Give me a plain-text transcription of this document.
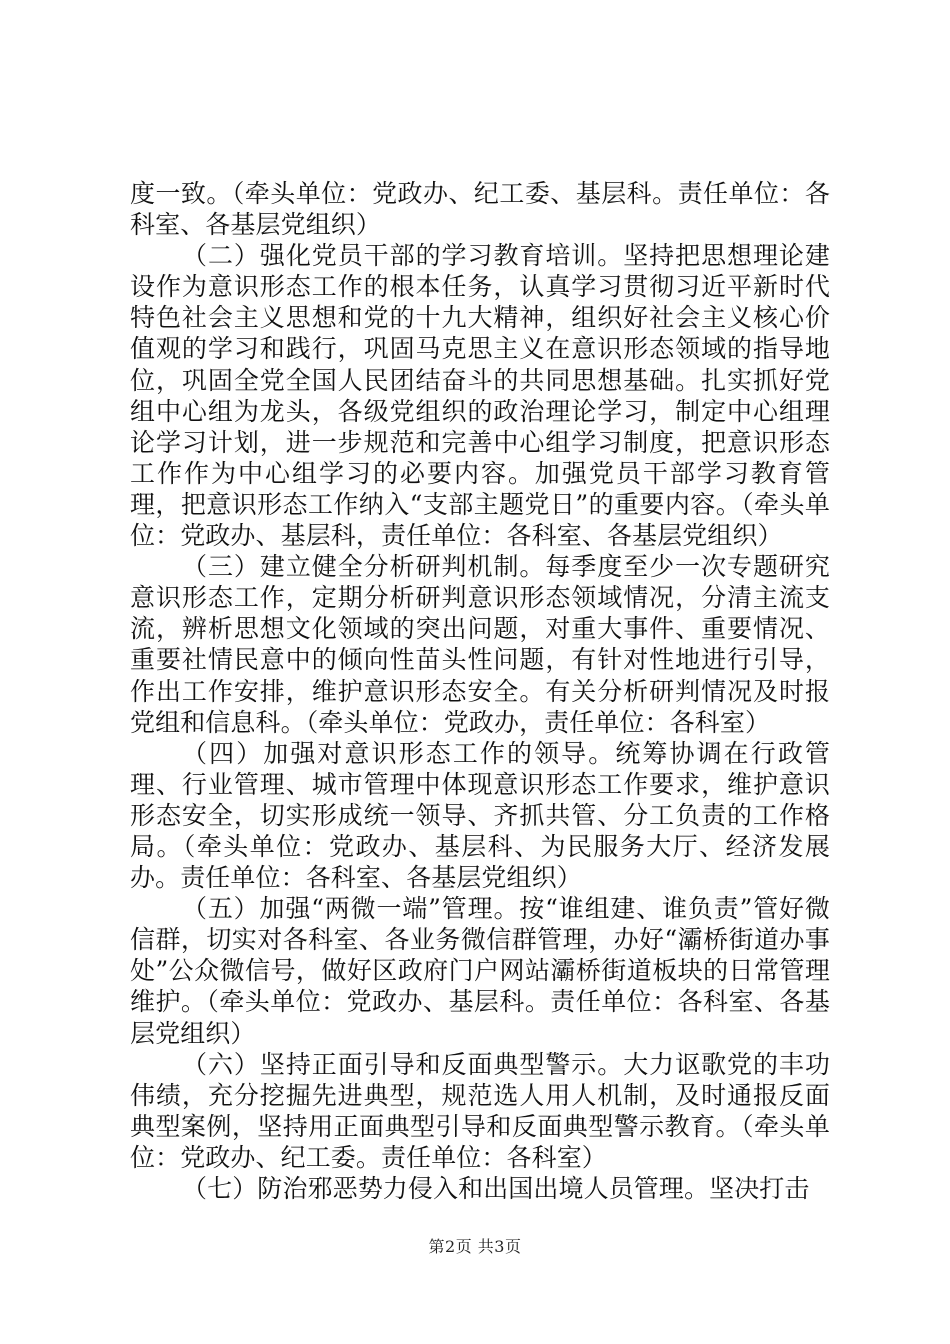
度一致。（牵头单位：党政办、纪工委、基层科。责任单位：各科室、各基层党组织）

（二）强化党员干部的学习教育培训。坚持把思想理论建设作为意识形态工作的根本任务，认真学习贯彻习近平新时代特色社会主义思想和党的十九大精神，组织好社会主义核心价值观的学习和践行，巩固马克思主义在意识形态领域的指导地位，巩固全党全国人民团结奋斗的共同思想基础。扎实抓好党组中心组为龙头，各级党组织的政治理论学习，制定中心组理论学习计划，进一步规范和完善中心组学习制度，把意识形态工作作为中心组学习的必要内容。加强党员干部学习教育管理，把意识形态工作纳入“支部主题党日”的重要内容。（牵头单位：党政办、基层科，责任单位：各科室、各基层党组织）

（三）建立健全分析研判机制。每季度至少一次专题研究意识形态工作，定期分析研判意识形态领域情况，分清主流支流，辨析思想文化领域的突出问题，对重大事件、重要情况、重要社情民意中的倾向性苗头性问题，有针对性地进行引导，作出工作安排，维护意识形态安全。有关分析研判情况及时报党组和信息科。（牵头单位：党政办，责任单位：各科室）

（四）加强对意识形态工作的领导。统筹协调在行政管理、行业管理、城市管理中体现意识形态工作要求，维护意识形态安全，切实形成统一领导、齐抓共管、分工负责的工作格局。（牵头单位：党政办、基层科、为民服务大厅、经济发展办。责任单位：各科室、各基层党组织）

（五）加强“两微一端”管理。按“谁组建、谁负责”管好微信群，切实对各科室、各业务微信群管理，办好“灞桥街道办事处”公众微信号，做好区政府门户网站灞桥街道板块的日常管理维护。（牵头单位：党政办、基层科。责任单位：各科室、各基层党组织）

（六）坚持正面引导和反面典型警示。大力讴歌党的丰功伟绩，充分挖掘先进典型，规范选人用人机制，及时通报反面典型案例，坚持用正面典型引导和反面典型警示教育。（牵头单位：党政办、纪工委。责任单位：各科室）

（七）防治邪恶势力侵入和出国出境人员管理。坚决打击

第2页 共3页
